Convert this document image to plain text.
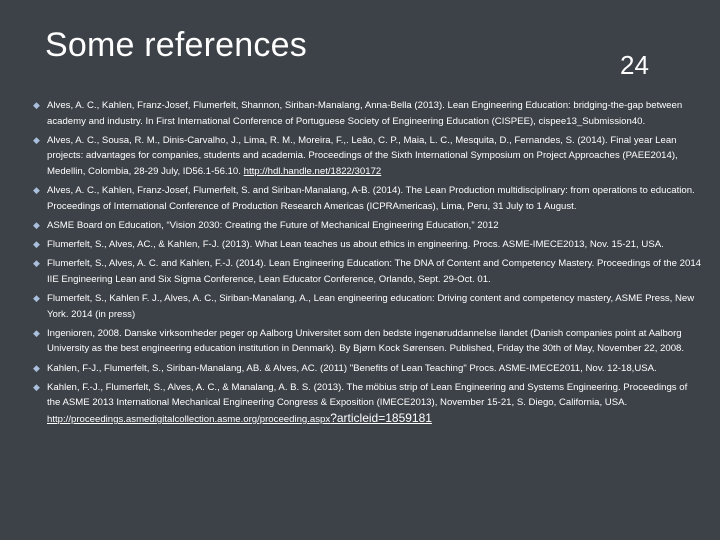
Some references
24
◆ Alves, A. C., Kahlen, Franz-Josef, Flumerfelt, Shannon, Siriban-Manalang, Anna-Bella (2013). Lean Engineering Education: bridging-the-gap between academy and industry. In First International Conference of Portuguese Society of Engineering Education (CISPEE), cispee13_Submission40.
◆ Alves, A. C., Sousa, R. M., Dinis-Carvalho, J., Lima, R. M., Moreira, F.,. Leão, C. P., Maia, L. C., Mesquita, D., Fernandes, S. (2014). Final year Lean projects: advantages for companies, students and academia. Proceedings of the Sixth International Symposium on Project Approaches (PAEE2014), Medellin, Colombia, 28-29 July, ID56.1-56.10. http://hdl.handle.net/1822/30172
◆ Alves, A. C., Kahlen, Franz-Josef, Flumerfelt, S. and Siriban-Manalang, A-B. (2014). The Lean Production multidisciplinary: from operations to education. Proceedings of International Conference of Production Research Americas (ICPRAmericas), Lima, Peru, 31 July to 1 August.
◆ ASME Board on Education, “Vision 2030: Creating the Future of Mechanical Engineering Education,” 2012
◆ Flumerfelt, S., Alves, AC., & Kahlen, F-J. (2013). What Lean teaches us about ethics in engineering. Procs. ASME-IMECE2013, Nov. 15-21, USA.
◆ Flumerfelt, S., Alves, A. C. and Kahlen, F.-J. (2014). Lean Engineering Education: The DNA of Content and Competency Mastery. Proceedings of the 2014 IIE Engineering Lean and Six Sigma Conference, Lean Educator Conference, Orlando, Sept. 29-Oct. 01.
◆ Flumerfelt, S., Kahlen F. J., Alves, A. C., Siriban-Manalang, A., Lean engineering education: Driving content and competency mastery, ASME Press, New York. 2014 (in press)
◆ Ingenioren, 2008. Danske virksomheder peger op Aalborg Universitet som den bedste ingenøruddannelse ilandet (Danish companies point at Aalborg University as the best engineering education institution in Denmark). By Bjørn Kock Sørensen. Published, Friday the 30th of May, November 22, 2008.
◆ Kahlen, F-J., Flumerfelt, S., Siriban-Manalang, AB. & Alves, AC. (2011) "Benefits of Lean Teaching" Procs. ASME-IMECE2011, Nov. 12-18,USA.
◆ Kahlen, F.-J., Flumerfelt, S., Alves, A. C., & Manalang, A. B. S. (2013). The möbius strip of Lean Engineering and Systems Engineering. Proceedings of the ASME 2013 International Mechanical Engineering Congress & Exposition (IMECE2013), November 15-21, S. Diego, California, USA. http://proceedings.asmedigitalcollection.asme.org/proceeding.aspx?articleid=1859181
